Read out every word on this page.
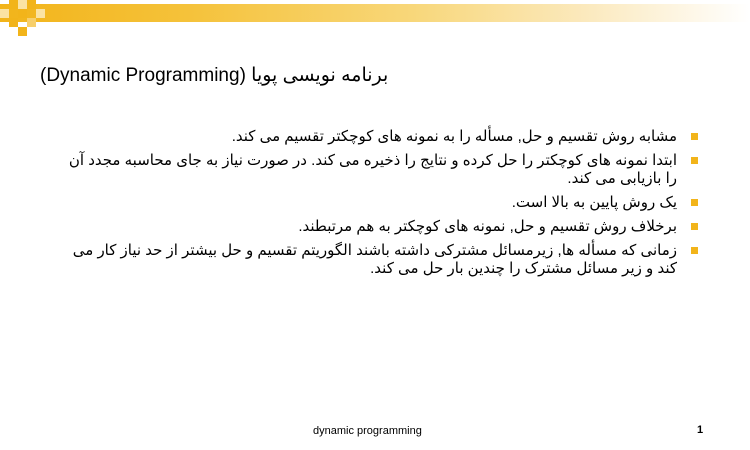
برنامه نویسی پویا (Dynamic Programming)
مشابه روش تقسیم و حل, مسأله را به نمونه های کوچکتر تقسیم می کند.
ابتدا نمونه های کوچکتر را حل کرده و نتایج را ذخیره می کند. در صورت نیاز به جای محاسبه مجدد آن را بازیابی می کند.
یک روش پایین به بالا است.
برخلاف روش تقسیم و حل, نمونه های کوچکتر به هم مرتبطند.
زمانی که مسأله ها, زیرمسائل مشترکی داشته باشند الگوریتم تقسیم و حل بیشتر از حد نیاز کار می کند و زیر مسائل مشترک را چندین بار حل می کند.
dynamic programming	1
